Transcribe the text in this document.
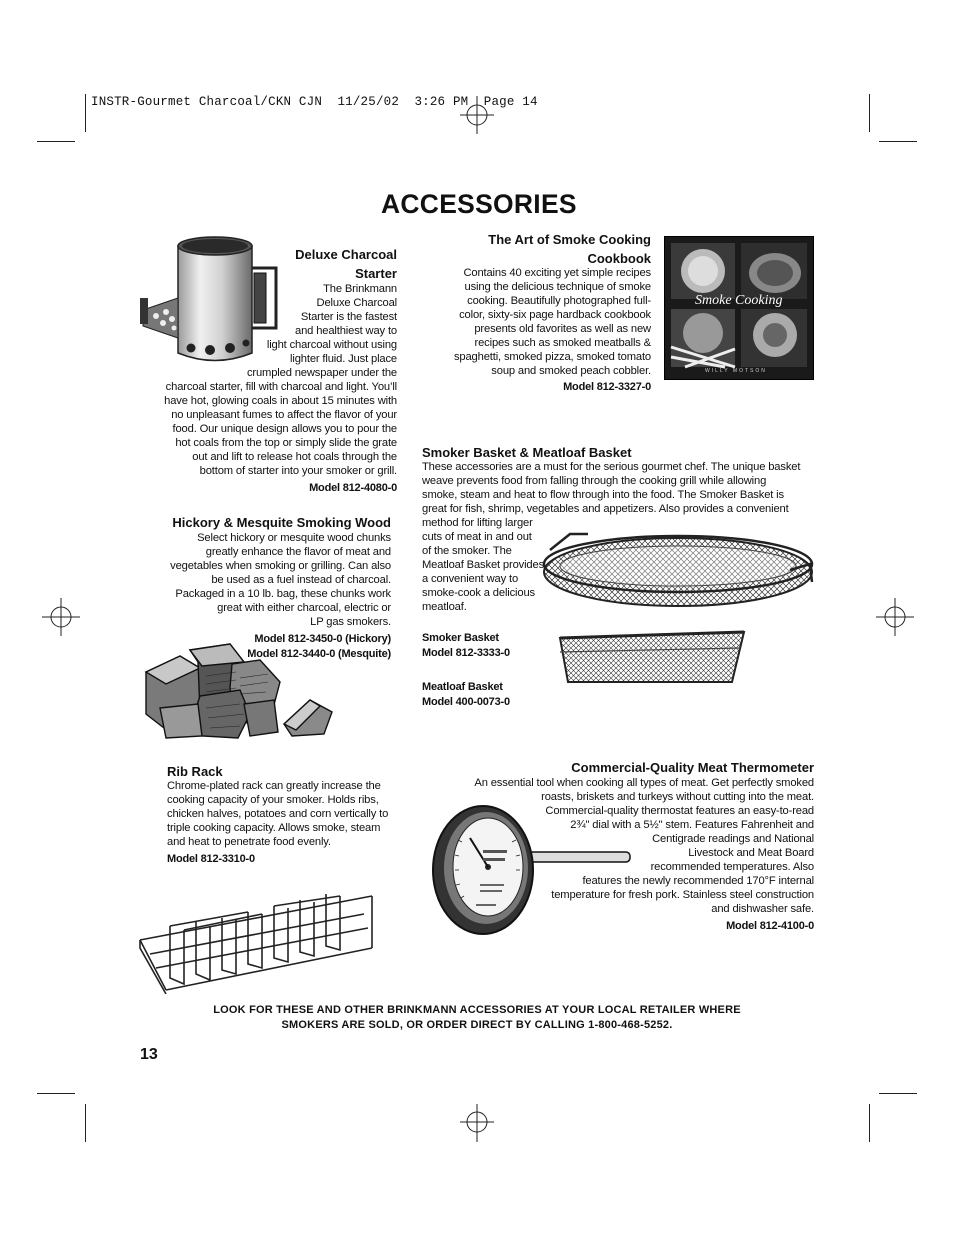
INSTR-Gourmet Charcoal/CKN CJN  11/25/02  3:26 PM  Page 14
ACCESSORIES
Deluxe Charcoal
Starter
The Brinkmann
Deluxe Charcoal
Starter is the fastest
and healthiest way to
light charcoal without using
lighter fluid. Just place
crumpled newspaper under the
charcoal starter, fill with charcoal and light. You’ll
have hot, glowing coals in about 15 minutes with
no unpleasant fumes to affect the flavor of your
food. Our unique design allows you to pour the
hot coals from the top or simply slide the grate
out and lift to release hot coals through the
bottom of starter into your smoker or grill.
Model 812-4080-0
The Art of Smoke Cooking
Cookbook
Contains 40 exciting yet simple recipes
using the delicious technique of smoke
cooking. Beautifully photographed full-
color, sixty-six page hardback cookbook
presents old favorites as well as new
recipes such as smoked meatballs &
spaghetti, smoked pizza, smoked tomato
soup and smoked peach cobbler.
Model 812-3327-0
Smoke Cooking
WILLY MOTSON
Smoker Basket & Meatloaf Basket
These accessories are a must for the serious gourmet chef. The unique basket
weave prevents food from falling through the cooking grill while allowing
smoke, steam and heat to flow through into the food. The Smoker Basket is
great for fish, shrimp, vegetables and appetizers. Also provides a convenient
method for lifting larger
cuts of meat in and out
of the smoker. The
Meatloaf Basket provides
a convenient way to
smoke-cook a delicious
meatloaf.
Smoker Basket
Model 812-3333-0
Meatloaf Basket
Model 400-0073-0
Hickory & Mesquite Smoking Wood
Select hickory or mesquite wood chunks
greatly enhance the flavor of meat and
vegetables when smoking or grilling. Can also
be used as a fuel instead of charcoal.
Packaged in a 10 lb. bag, these chunks work
great with either charcoal, electric or
LP gas smokers.
Model 812-3450-0 (Hickory)
Model 812-3440-0 (Mesquite)
Rib Rack
Chrome-plated rack can greatly increase the
cooking capacity of your smoker. Holds ribs,
chicken halves, potatoes and corn vertically to
triple cooking capacity. Allows smoke, steam
and heat to penetrate food evenly.
Model 812-3310-0
Commercial-Quality Meat Thermometer
An essential tool when cooking all types of meat. Get perfectly smoked
roasts, briskets and turkeys without cutting into the meat.
Commercial-quality thermostat features an easy-to-read
2¾" dial with a 5½" stem. Features Fahrenheit and
Centigrade readings and National
Livestock and Meat Board
recommended temperatures. Also
features the newly recommended 170°F internal
temperature for fresh pork. Stainless steel construction
and dishwasher safe.
Model 812-4100-0
LOOK FOR THESE AND OTHER BRINKMANN ACCESSORIES AT YOUR LOCAL RETAILER WHERE
SMOKERS ARE SOLD, OR ORDER DIRECT BY CALLING 1-800-468-5252.
13
